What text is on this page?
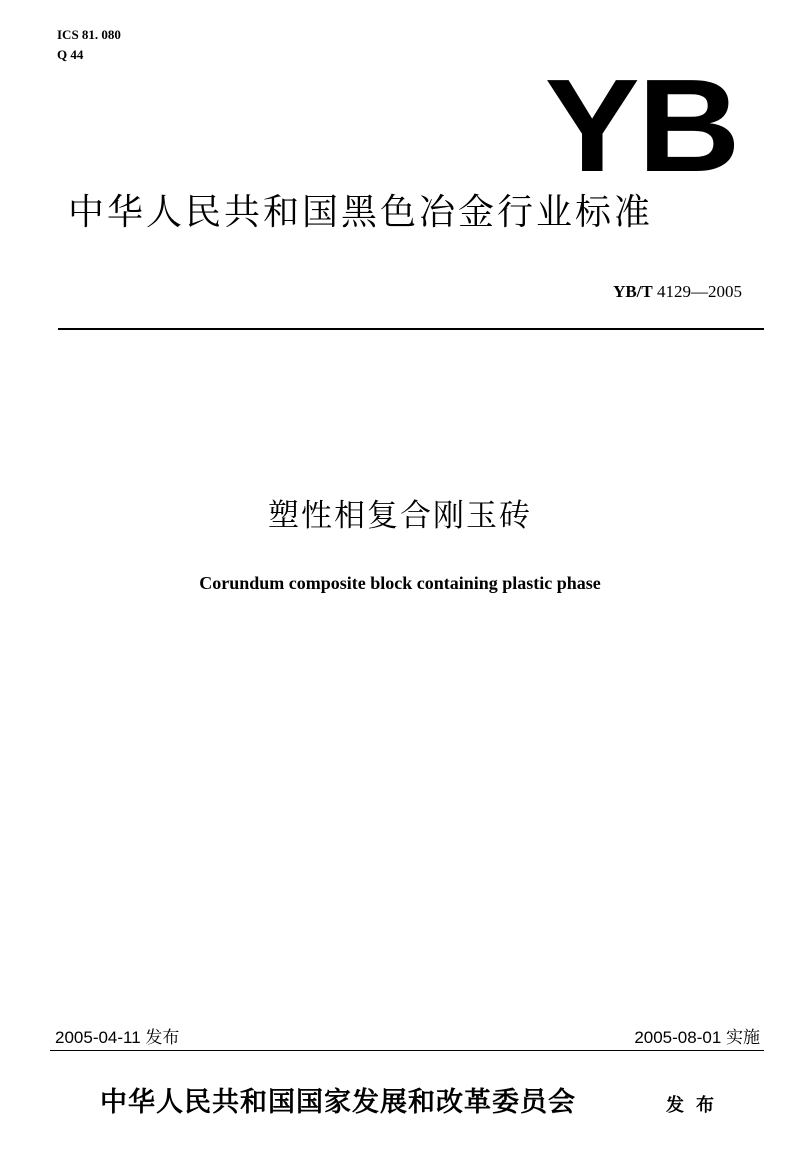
ICS 81. 080
Q 44	YB
中华人民共和国黑色冶金行业标准
YB/T 4129—2005
塑性相复合刚玉砖
Corundum composite block containing plastic phase
2005-04-11 发布	2005-08-01 实施
中华人民共和国国家发展和改革委员会	发布
